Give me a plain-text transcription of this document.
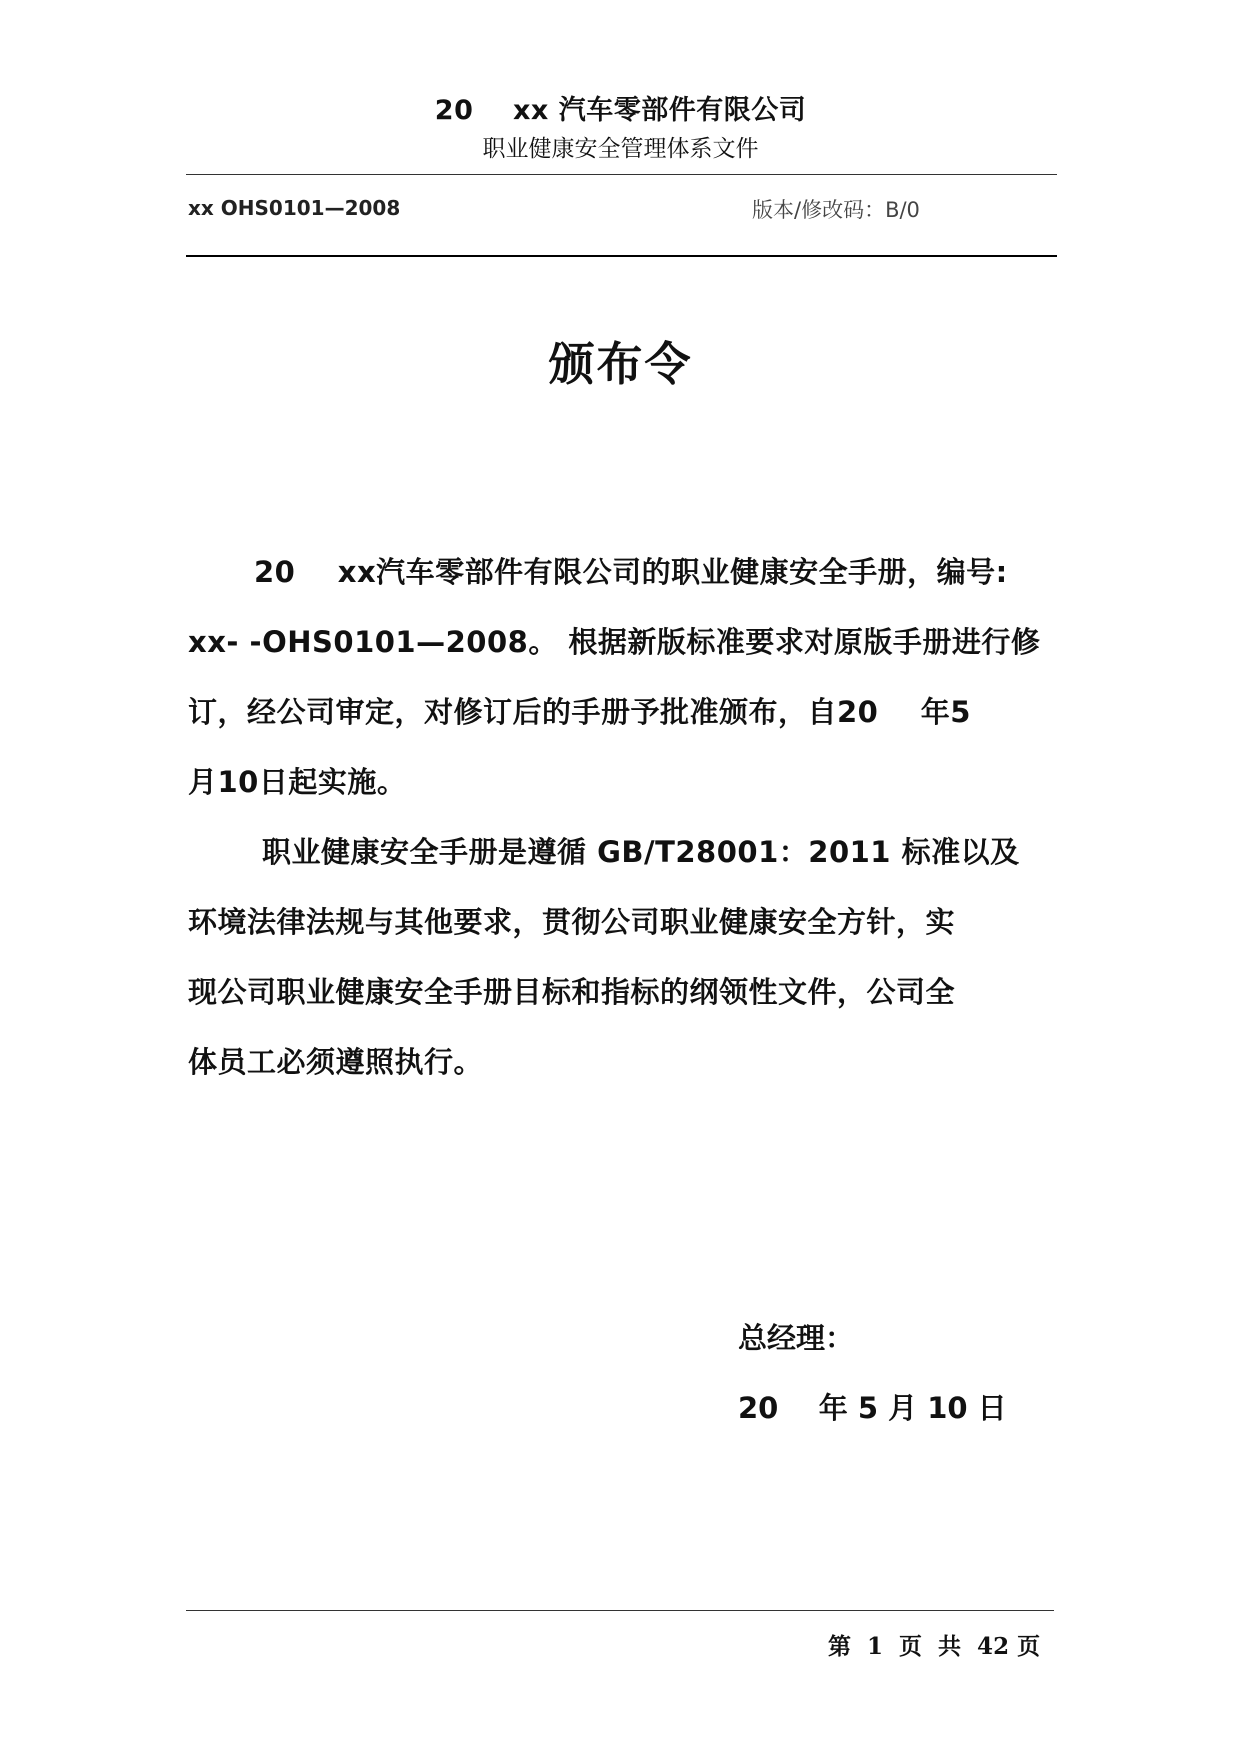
20    xx 汽车零部件有限公司
职业健康安全管理体系文件
xx OHS0101—2008	版本/修改码：B/0
颁布令
20    xx汽车零部件有限公司的职业健康安全手册，编号:
xx- -OHS0101—2008。 根据新版标准要求对原版手册进行修
订，经公司审定，对修订后的手册予批准颁布，自20    年5
月10日起实施。
职业健康安全手册是遵循 GB/T28001：2011 标准以及
环境法律法规与其他要求，贯彻公司职业健康安全方针，实
现公司职业健康安全手册目标和指标的纲领性文件，公司全
体员工必须遵照执行。
总经理：
20    年 5 月 10 日
第  1  页  共  42 页
